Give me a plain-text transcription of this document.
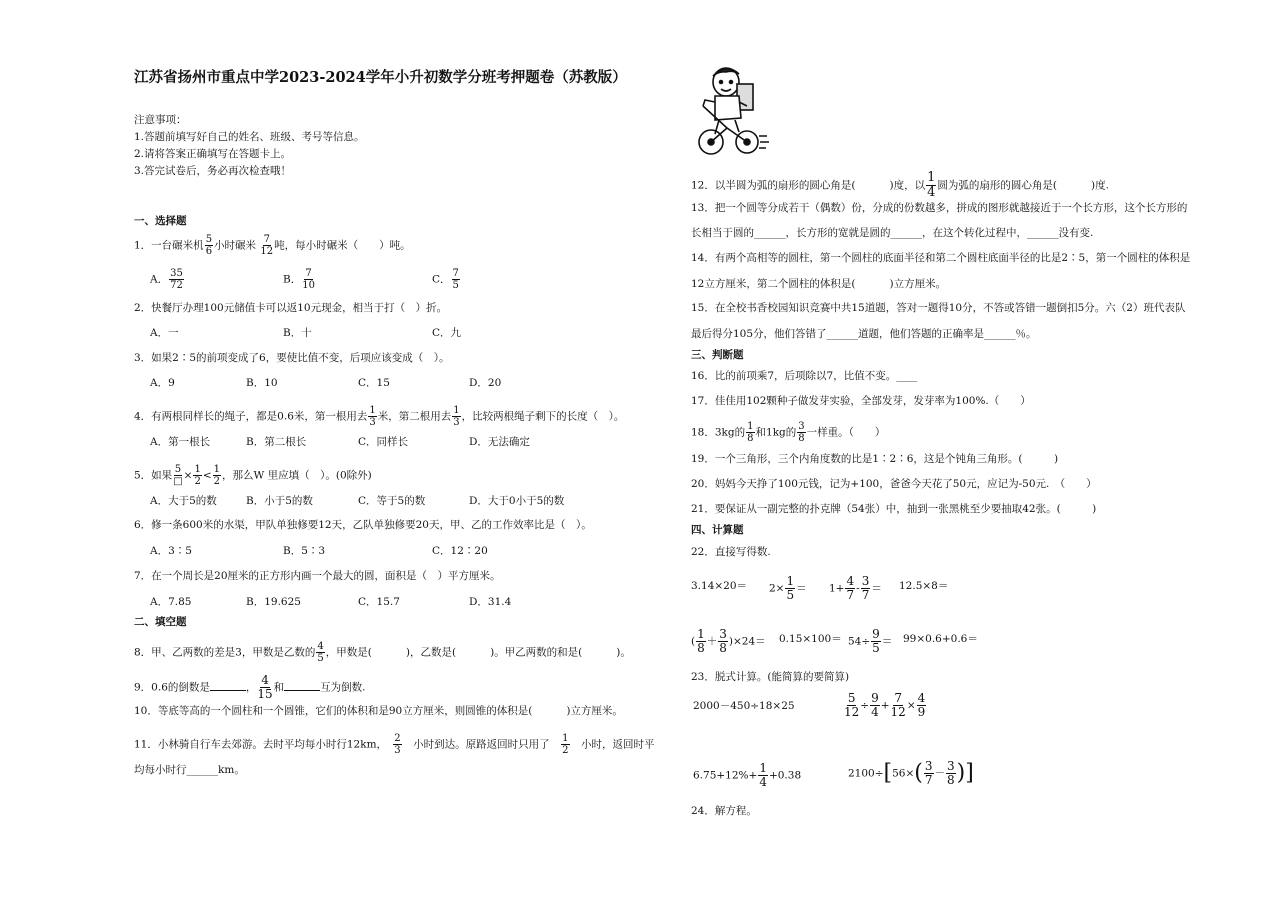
江苏省扬州市重点中学2023-2024学年小升初数学分班考押题卷（苏教版）
注意事项：
1.答题前填写好自己的姓名、班级、考号等信息。
2.请将答案正确填写在答题卡上。
3.答完试卷后，务必再次检查哦！
一、选择题
1．一台碾米机 $\frac{5}{6}$ 小时碾米 $\frac{7}{12}$ 吨，每小时碾米（　　）吨。
A． $\frac{35}{72}$	B． $\frac{7}{10}$	C． $\frac{7}{5}$
2．快餐厅办理100元储值卡可以返10元现金，相当于打（　）折。
A．一	B．十	C．九
3．如果2∶5的前项变成了6，要使比值不变，后项应该变成（　）。
A．9	B．10	C．15	D．20
4．有两根同样长的绳子，都是0.6米，第一根用去 $\frac{1}{3}$ 米，第二根用去 $\frac{1}{3}$ ，比较两根绳子剩下的长度（　）。
A．第一根长	B．第二根长	C．同样长	D．无法确定
5．如果 5
□ × $\frac{1}{2} < \frac{1}{2}$ ，那么W 里应填（　）。(0除外)
A．大于5的数	B．小于5的数	C．等于5的数	D．大于0小于5的数
6．修一条600米的水渠，甲队单独修要12天，乙队单独修要20天，甲、乙的工作效率比是（　）。
A．3∶5	B．5∶3	C．12∶20
7．在一个周长是20厘米的正方形内画一个最大的圆，面积是（　）平方厘米。
A．7.85	B．19.625	C．15.7	D．31.4
二、填空题
8．甲、乙两数的差是3，甲数是乙数的 $\frac{4}{5}$ ，甲数是(	)，乙数是(	)。甲乙两数的和是(	)。
9．0.6的倒数是	， $\frac{4}{15}$ 和	互为倒数.
10．等底等高的一个圆柱和一个圆锥，它们的体积和是90立方厘米，则圆锥的体积是(	)立方厘米。
11．小林骑自行车去郊游。去时平均每小时行12km，　 $\frac{2}{3}$
　 小时到达。原路返回时只用了　 $\frac{1}{2}$
　 小时，返回时平
均每小时行______km。
12．以半圆为弧的扇形的圆心角是(	)度，以 $\frac{1}{4}$ 圆为弧的扇形的圆心角是(	)度.
13．把一个圆等分成若干（偶数）份，分成的份数越多，拼成的图形就越接近于一个长方形，这个长方形的
长相当于圆的______，长方形的宽就是圆的______，在这个转化过程中，______没有变.
14．有两个高相等的圆柱，第一个圆柱的底面半径和第二个圆柱底面半径的比是2∶5，第一个圆柱的体积是
12立方厘米，第二个圆柱的体积是(	)立方厘米。
15．在全校书香校园知识竞赛中共15道题，答对一题得10分，不答或答错一题倒扣5分。六（2）班代表队
最后得分105分，他们答错了______道题，他们答题的正确率是______％。
三、判断题
16．比的前项乘7，后项除以7，比值不变。____
17．佳佳用102颗种子做发芽实验，全部发芽，发芽率为100%.（　　）
18．3kg的 $\frac{1}{8}$ 和1kg的 $\frac{3}{8}$ 一样重。（　　）
19．一个三角形，三个内角度数的比是1∶2∶6，这是个钝角三角形。(　　　)
20．妈妈今天挣了100元钱，记为+100，爸爸今天花了50元，应记为-50元.　（　　）
21．要保证从一副完整的扑克牌（54张）中，抽到一张黑桃至少要抽取42张。(　　　)
四、计算题
22．直接写得数.
$3.14\times 20= 2\times \frac{1}{5} = 1+ \frac{4}{7} - \frac{3}{7} = 12.5\times 8=$
( $\frac{1}{8} + \frac{3}{8} )\times 24= 0.15\times 100= 54\div \frac{9}{5} = 99\times 0.6+0.6=$
23．脱式计算。(能简算的要简算)
2000－450÷18×25	$\frac{5}{12} \div \frac{9}{4} + \frac{7}{12} \times \frac{4}{9}$
$6.75+12\%+ \frac{1}{4} +0.38$	$2100\div[56\times( \frac{3}{7} - \frac{3}{8}$ )]
24．解方程。
